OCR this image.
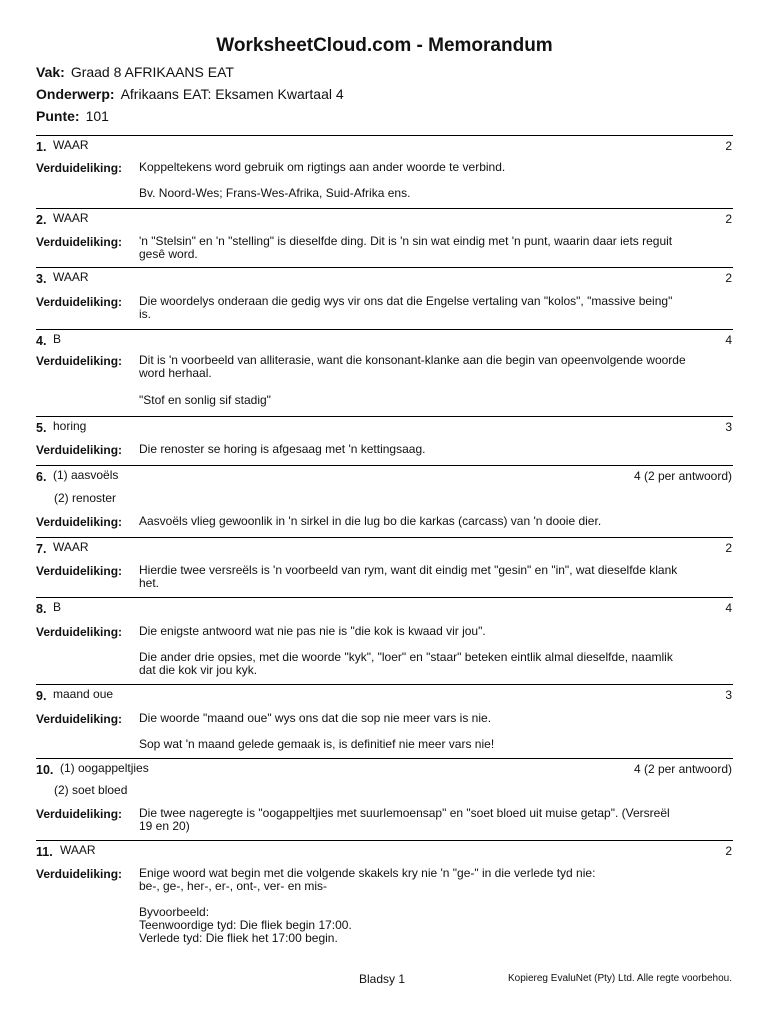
WorksheetCloud.com - Memorandum
Vak: Graad 8 AFRIKAANS EAT
Onderwerp: Afrikaans EAT: Eksamen Kwartaal 4
Punte: 101
1. WAAR	2
Verduideliking: Koppeltekens word gebruik om rigtings aan ander woorde te verbind.

Bv. Noord-Wes; Frans-Wes-Afrika, Suid-Afrika ens.

2. WAAR	2
Verduideliking: 'n "Stelsin" en 'n "stelling" is dieselfde ding. Dit is 'n sin wat eindig met 'n punt, waarin daar iets reguit

gesê word.

3. WAAR	2
Verduideliking: Die woordelys onderaan die gedig wys vir ons dat die Engelse vertaling van "kolos", "massive being"

is.

4. B	4
Verduideliking: Dit is 'n voorbeeld van alliterasie, want die konsonant-klanke aan die begin van opeenvolgende woorde

word herhaal.

"Stof en sonlig sif stadig"

5. horing	3
Verduideliking: Die renoster se horing is afgesaag met 'n kettingsaag.

6. (1) aasvoëls	4 (2 per antwoord)
(2) renoster
Verduideliking: Aasvoëls vlieg gewoonlik in 'n sirkel in die lug bo die karkas (carcass) van 'n dooie dier.

7. WAAR	2
Verduideliking: Hierdie twee versreëls is 'n voorbeeld van rym, want dit eindig met "gesin" en "in", wat dieselfde klank

het.

8. B	4
Verduideliking: Die enigste antwoord wat nie pas nie is "die kok is kwaad vir jou".

Die ander drie opsies, met die woorde "kyk", "loer" en "staar" beteken eintlik almal dieselfde, naamlik

dat die kok vir jou kyk.

9. maand oue	3
Verduideliking: Die woorde "maand oue" wys ons dat die sop nie meer vars is nie.

Sop wat 'n maand gelede gemaak is, is definitief nie meer vars nie!

10. (1) oogappeltjies	4 (2 per antwoord)
(2) soet bloed
Verduideliking: Die twee nageregte is "oogappeltjies met suurlemoensap" en "soet bloed uit muise getap". (Versreël

19 en 20)

11. WAAR	2
Verduideliking: Enige woord wat begin met die volgende skakels kry nie 'n "ge-" in die verlede tyd nie:

be-, ge-, her-, er-, ont-, ver- en mis-

Byvoorbeeld:

Teenwoordige tyd: Die fliek begin 17:00.

Verlede tyd: Die fliek het 17:00 begin.

Bladsy 1	Kopiereg EvaluNet (Pty) Ltd. Alle regte voorbehou.
